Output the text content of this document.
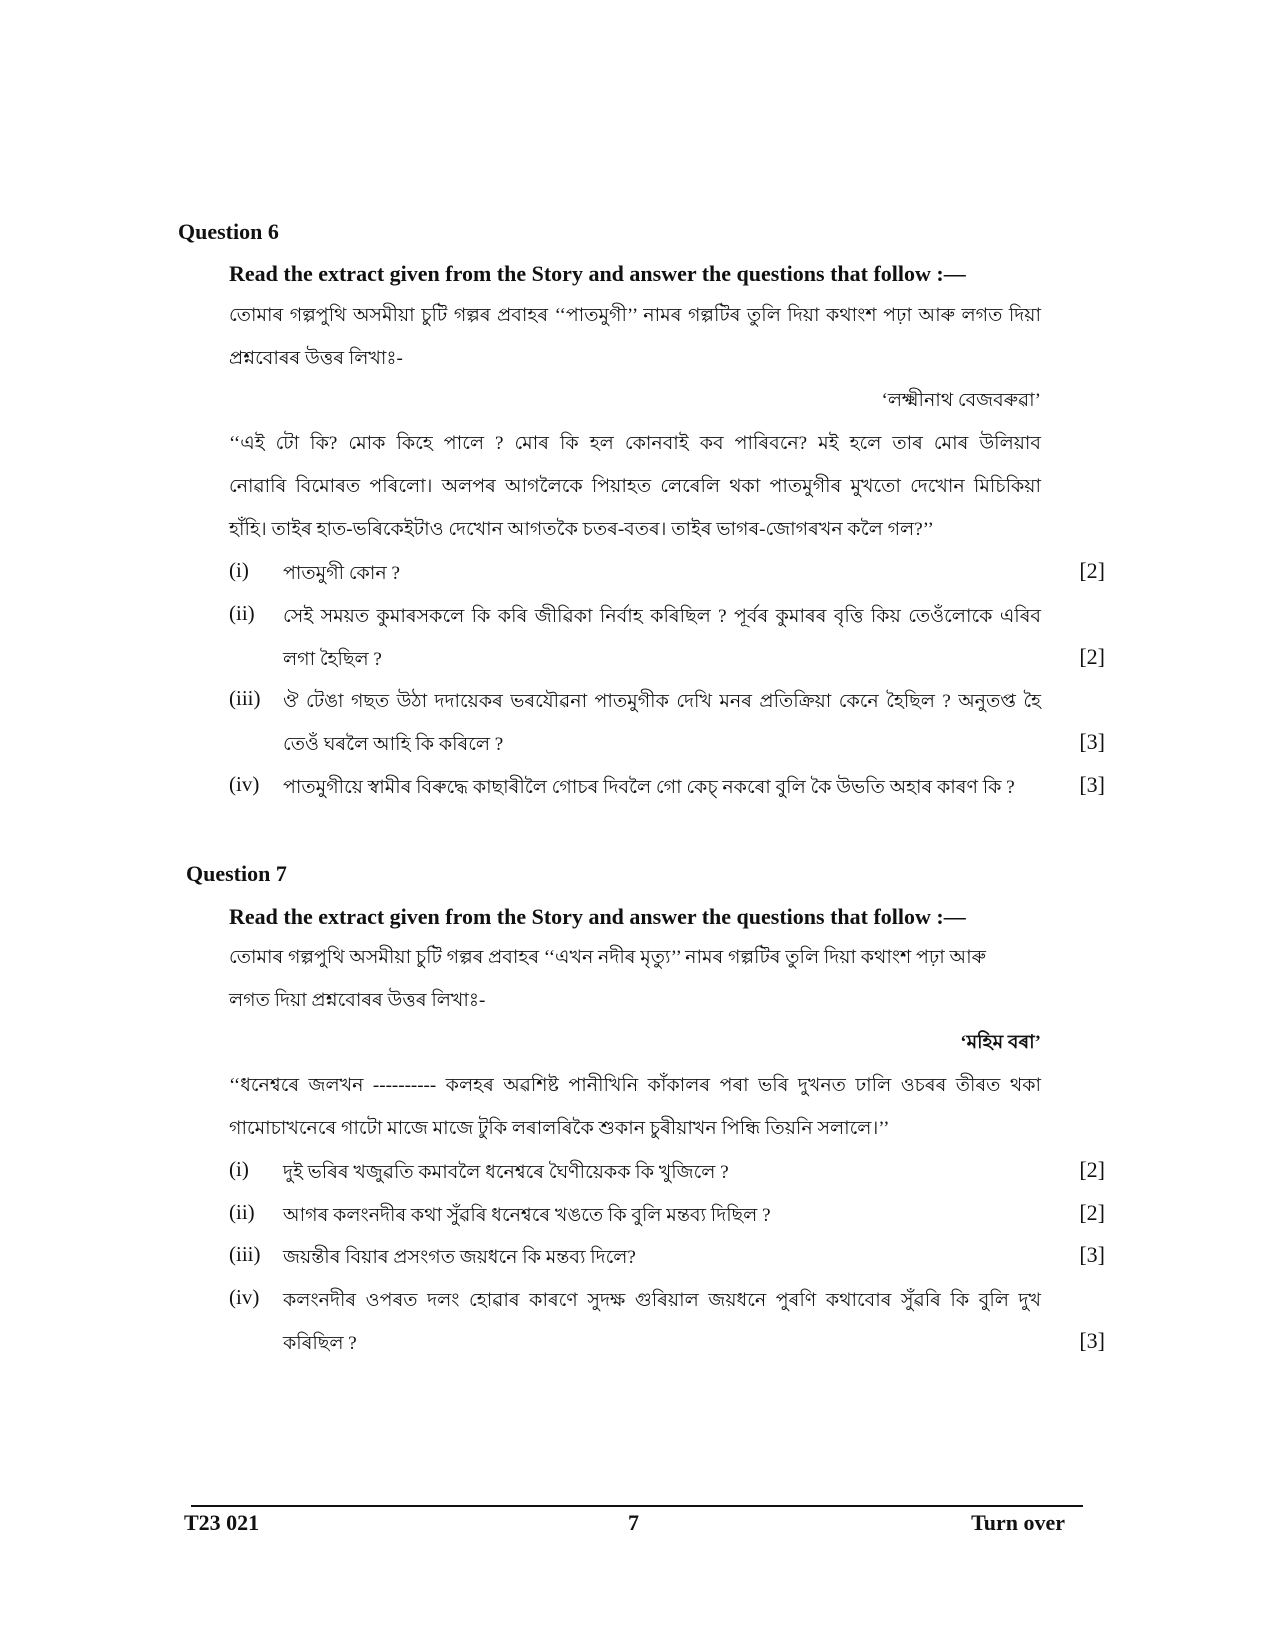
Question 6
Read the extract given from the Story and answer the questions that follow :—
তোমাৰ গল্পপুথি অসমীয়া চুটি গল্পৰ প্ৰবাহৰ ‘‘পাতমুগী’’ নামৰ গল্পটিৰ তুলি দিয়া কথাংশ পঢ়া আৰু লগত দিয়া
প্ৰশ্নবোৰৰ উত্তৰ লিখাঃ-
‘লক্ষ্মীনাথ বেজবৰুৱা’
‘‘এই টো কি? মোক কিহে পালে ? মোৰ কি হল কোনবাই কব পাৰিবনে? মই হলে তাৰ মোৰ উলিয়াব
নোৱাৰি বিমোৰত পৰিলো। অলপৰ আগলৈকে পিয়াহত লেৰেলি থকা পাতমুগীৰ মুখতো দেখোন মিচিকিয়া
হাঁহি। তাইৰ হাত-ভৰিকেইটাও দেখোন আগতকৈ চতৰ-বতৰ। তাইৰ ভাগৰ-জোগৰখন কলৈ গল?’’
(i) পাতমুগী কোন ?	[2]
(ii) সেই সময়ত কুমাৰসকলে কি কৰি জীৱিকা নিৰ্বাহ কৰিছিল ? পূৰ্বৰ কুমাৰৰ বৃত্তি কিয় তেওঁলোকে এৰিব
লগা হৈছিল ?	[2]
(iii) ঔ টেঙা গছত উঠা দদায়েকৰ ভৰযৌৱনা পাতমুগীক দেখি মনৰ প্ৰতিক্ৰিয়া কেনে হৈছিল ? অনুতপ্ত হৈ
তেওঁ ঘৰলৈ আহি কি কৰিলে ?	[3]
(iv) পাতমুগীয়ে স্বামীৰ বিৰুদ্ধে কাছাৰীলৈ গোচৰ দিবলৈ গো কেচ্‌ নকৰো বুলি কৈ উভতি অহাৰ কাৰণ কি ?	[3]
Question 7
Read the extract given from the Story and answer the questions that follow :—
তোমাৰ গল্পপুথি অসমীয়া চুটি গল্পৰ প্ৰবাহৰ ‘‘এখন নদীৰ মৃত্যু’’ নামৰ গল্পটিৰ তুলি দিয়া কথাংশ পঢ়া আৰু
লগত দিয়া প্ৰশ্নবোৰৰ উত্তৰ লিখাঃ-
‘মহিম বৰা’
‘‘ধনেশ্বৰে জলখন ---------- কলহৰ অৱশিষ্ট পানীখিনি কাঁকালৰ পৰা ভৰি দুখনত ঢালি ওচৰৰ তীৰত থকা
গামোচাখনেৰে গাটো মাজে মাজে টুকি লৰালৰিকৈ শুকান চুৰীয়াখন পিন্ধি তিয়নি সলালে।’’
(i) দুই ভৰিৰ খজুৱতি কমাবলৈ ধনেশ্বৰে ঘৈণীয়েকক কি খুজিলে ?	[2]
(ii) আগৰ কলংনদীৰ কথা সুঁৱৰি ধনেশ্বৰে খঙতে কি বুলি মন্তব্য দিছিল ?	[2]
(iii) জয়ন্তীৰ বিয়াৰ প্ৰসংগত জয়ধনে কি মন্তব্য দিলে?	[3]
(iv) কলংনদীৰ ওপৰত দলং হোৱাৰ কাৰণে সুদক্ষ গুৰিয়াল জয়ধনে পুৰণি কথাবোৰ সুঁৱৰি কি বুলি দুখ
কৰিছিল ?	[3]
T23 021	7	Turn over
